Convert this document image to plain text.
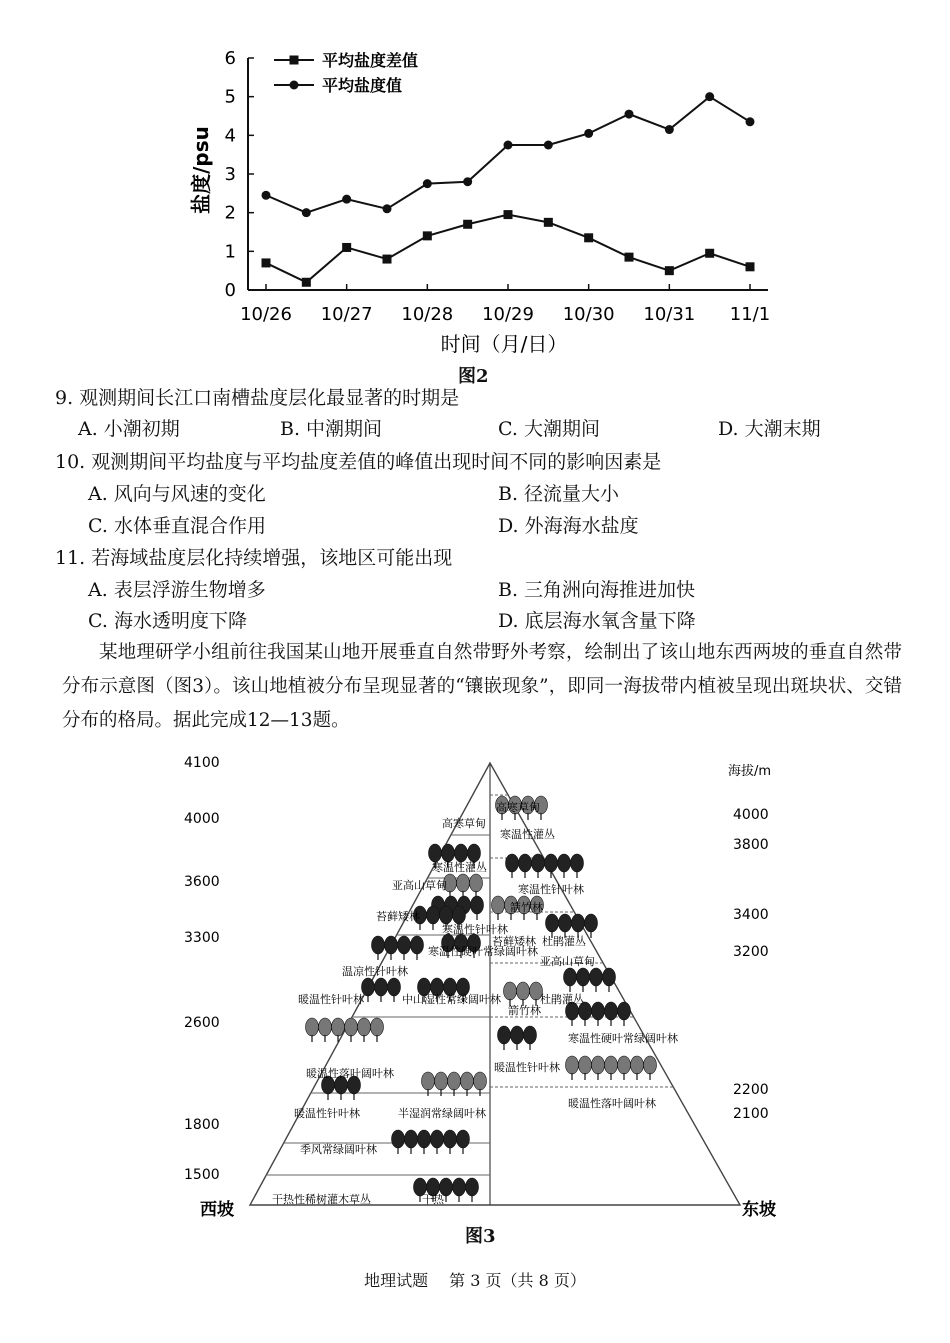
0
1
2
3
4
5
6
10/26 10/27 10/28 10/29 10/30 10/31 11/1
平均盐度差值
平均盐度值
盐度/psu
时间（月/日）
图2
9. 观测期间长江口南槽盐度层化最显著的时期是
A. 小潮初期	B. 中潮期间	C. 大潮期间	D. 大潮末期
10. 观测期间平均盐度与平均盐度差值的峰值出现时间不同的影响因素是
A. 风向与风速的变化	B. 径流量大小
C. 水体垂直混合作用	D. 外海海水盐度
11. 若海域盐度层化持续增强，该地区可能出现
A. 表层浮游生物增多	B. 三角洲向海推进加快
C. 海水透明度下降	D. 底层海水氧含量下降
某地理研学小组前往我国某山地开展垂直自然带野外考察，绘制出了该山地东西两坡的垂直自然带分布示意图（图3）。该山地植被分布呈现显著的“镶嵌现象”，即同一海拔带内植被呈现出斑块状、交错分布的格局。据此完成12—13题。
4100
4000
3600
3300
2600
1800
1500
4000
3800
3400
3200
2200
2100
高寒草甸
寒温性灌丛
亚高山草甸
苔藓矮林
寒温性针叶林
温凉性针叶林
寒温性硬叶常绿阔叶林
暖温性针叶林	中山湿性常绿阔叶林
暖温性落叶阔叶林
暖温性针叶林	半湿润常绿阔叶林
季风常绿阔叶林
干热性稀树灌木草丛	干热
高寒草甸
寒温性灌丛
寒温性针叶林
箭竹林
苔藓矮林 杜鹃灌丛
亚高山草甸
杜鹃灌丛
箭竹林
寒温性硬叶常绿阔叶林
暖温性针叶林
暖温性落叶阔叶林
海拔/m
西坡	东坡
图3
地理试题　 第 3 页（共 8 页）
